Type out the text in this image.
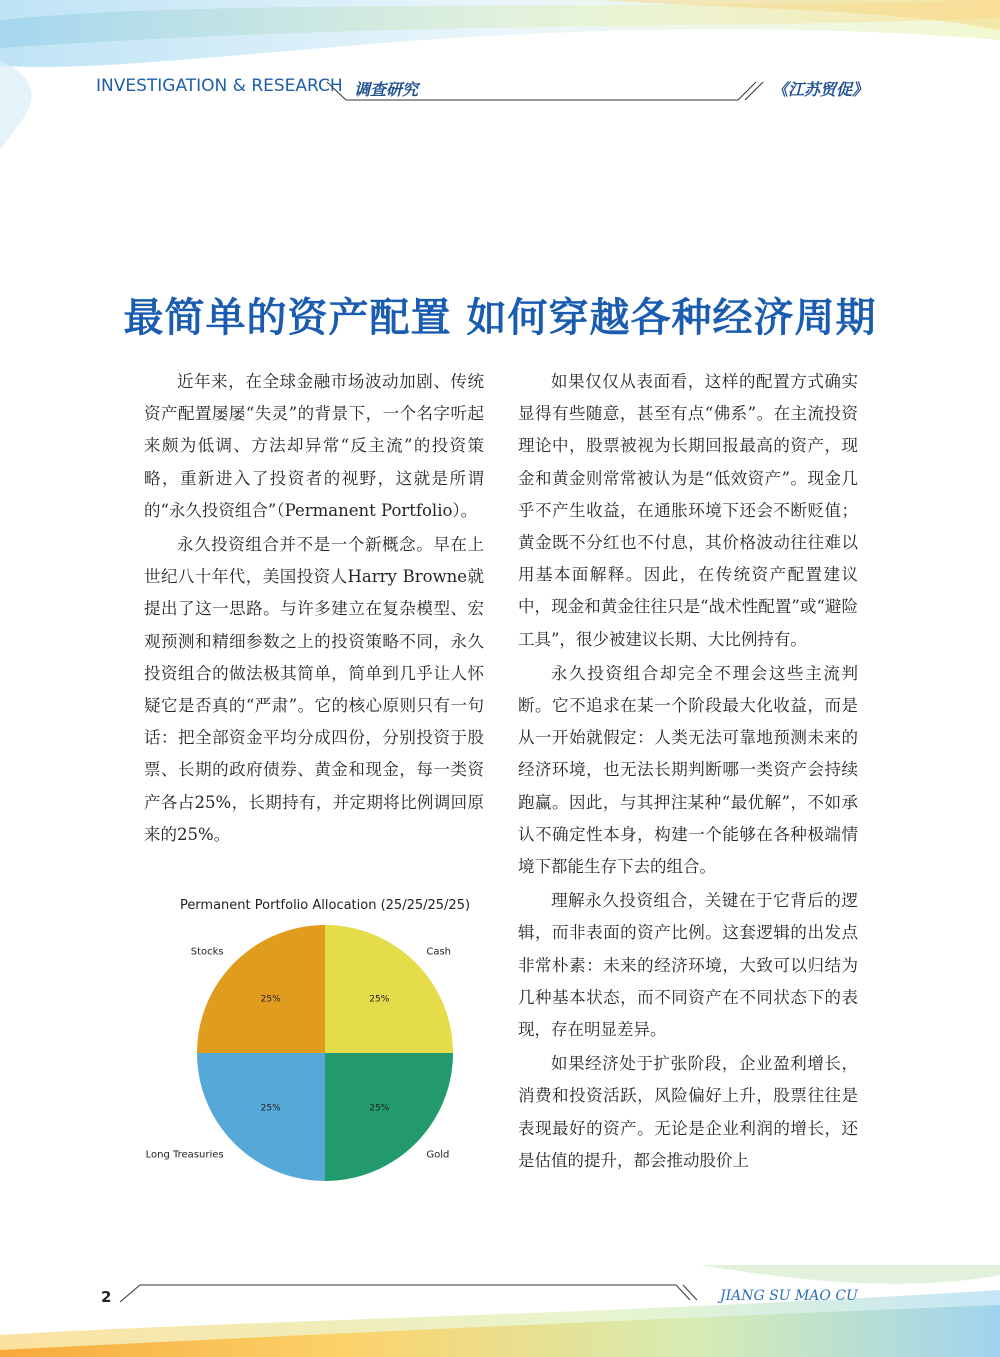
INVESTIGATION & RESEARCH 调查研究	《江苏贸促》
最简单的资产配置 如何穿越各种经济周期

近年来，在全球金融市场波动加剧、传统资产配置屡屡“失灵”的背景下，一个名字听起来颇为低调、方法却异常“反主流”的投资策略，重新进入了投资者的视野，这就是所谓的“永久投资组合”（Permanent Portfolio）。

永久投资组合并不是一个新概念。早在上世纪八十年代，美国投资人Harry Browne就提出了这一思路。与许多建立在复杂模型、宏观预测和精细参数之上的投资策略不同，永久投资组合的做法极其简单，简单到几乎让人怀疑它是否真的“严肃”。它的核心原则只有一句话：把全部资金平均分成四份，分别投资于股票、长期的政府债券、黄金和现金，每一类资产各占25%，长期持有，并定期将比例调回原来的25%。

如果仅仅从表面看，这样的配置方式确实显得有些随意，甚至有点“佛系”。在主流投资理论中，股票被视为长期回报最高的资产，现金和黄金则常常被认为是“低效资产”。现金几乎不产生收益，在通胀环境下还会不断贬值；黄金既不分红也不付息，其价格波动往往难以用基本面解释。因此，在传统资产配置建议中，现金和黄金往往只是“战术性配置”或“避险工具”，很少被建议长期、大比例持有。

永久投资组合却完全不理会这些主流判断。它不追求在某一个阶段最大化收益，而是从一开始就假定：人类无法可靠地预测未来的经济环境，也无法长期判断哪一类资产会持续跑赢。因此，与其押注某种“最优解”，不如承认不确定性本身，构建一个能够在各种极端情境下都能生存下去的组合。

理解永久投资组合，关键在于它背后的逻辑，而非表面的资产比例。这套逻辑的出发点非常朴素：未来的经济环境，大致可以归结为几种基本状态，而不同资产在不同状态下的表现，存在明显差异。

如果经济处于扩张阶段，企业盈利增长，消费和投资活跃，风险偏好上升，股票往往是表现最好的资产。无论是企业利润的增长，还是估值的提升，都会推动股价上

Permanent Portfolio Allocation (25/25/25/25)
25%
Cash
25%
Gold
25%
Long Treasuries
25%
Stocks
2	JIANG SU MAO CU
